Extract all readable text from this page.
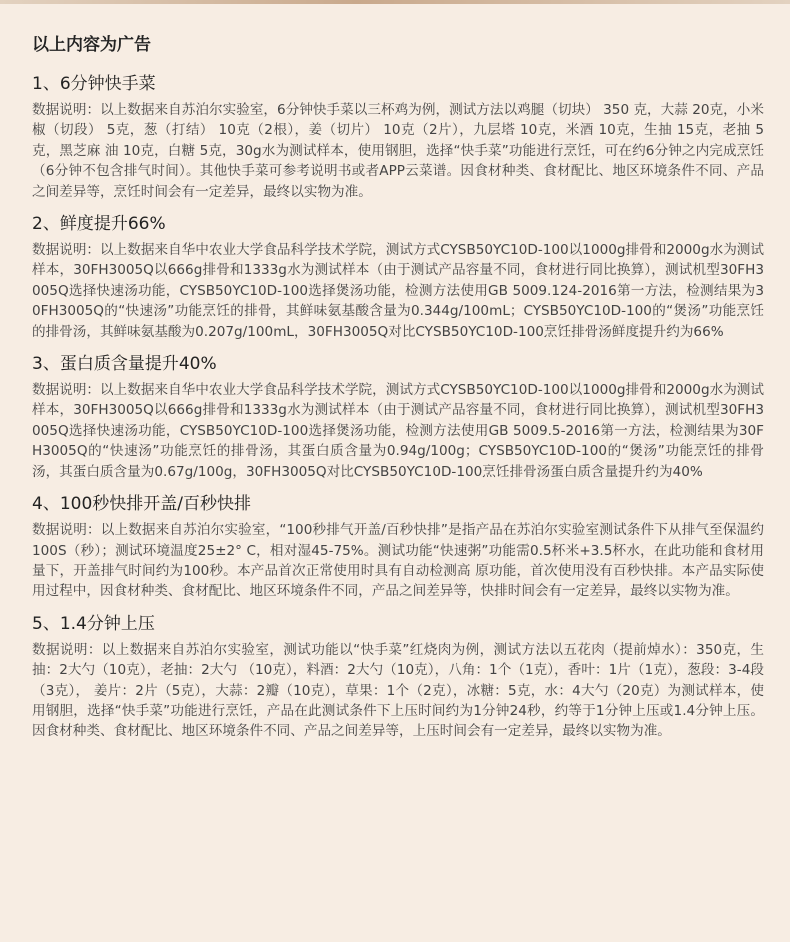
以上内容为广告
1、6分钟快手菜
数据说明：以上数据来自苏泊尔实验室，6分钟快手菜以三杯鸡为例，测试方法以鸡腿（切块） 350 克，大蒜 20克，小米椒（切段） 5克，葱（打结） 10克（2根），姜（切片） 10克（2片），九层塔 10克，米酒 10克，生抽 15克，老抽 5克，黑芝麻 油 10克，白糖 5克，30g水为测试样本，使用钢胆，选择“快手菜”功能进行烹饪，可在约6分钟之内完成烹饪（6分钟不包含排气时间）。其他快手菜可参考说明书或者APP云菜谱。因食材种类、食材配比、地区环境条件不同、产品之间差异等，烹饪时间会有一定差异，最终以实物为准。
2、鲜度提升66%
数据说明：以上数据来自华中农业大学食品科学技术学院，测试方式CYSB50YC10D-100以1000g排骨和2000g水为测试样本，30FH3005Q以666g排骨和1333g水为测试样本（由于测试产品容量不同，食材进行同比换算），测试机型30FH3005Q选择快速汤功能，CYSB50YC10D-100选择煲汤功能，检测方法使用GB 5009.124-2016第一方法，检测结果为30FH3005Q的“快速汤”功能烹饪的排骨，其鲜味氨基酸含量为0.344g/100mL；CYSB50YC10D-100的“煲汤”功能烹饪的排骨汤，其鲜味氨基酸为0.207g/100mL，30FH3005Q对比CYSB50YC10D-100烹饪排骨汤鲜度提升约为66%
3、蛋白质含量提升40%
数据说明：以上数据来自华中农业大学食品科学技术学院，测试方式CYSB50YC10D-100以1000g排骨和2000g水为测试样本，30FH3005Q以666g排骨和1333g水为测试样本（由于测试产品容量不同，食材进行同比换算），测试机型30FH3005Q选择快速汤功能，CYSB50YC10D-100选择煲汤功能，检测方法使用GB 5009.5-2016第一方法，检测结果为30FH3005Q的“快速汤”功能烹饪的排骨汤，其蛋白质含量为0.94g/100g；CYSB50YC10D-100的“煲汤”功能烹饪的排骨汤，其蛋白质含量为0.67g/100g，30FH3005Q对比CYSB50YC10D-100烹饪排骨汤蛋白质含量提升约为40%
4、100秒快排开盖/百秒快排
数据说明：以上数据来自苏泊尔实验室，“100秒排气开盖/百秒快排”是指产品在苏泊尔实验室测试条件下从排气至保温约100S（秒）；测试环境温度25±2° C，相对湿45-75%。测试功能“快速粥”功能需0.5杯米+3.5杯水，在此功能和食材用量下，开盖排气时间约为100秒。本产品首次正常使用时具有自动检测高 原功能，首次使用没有百秒快排。本产品实际使用过程中，因食材种类、食材配比、地区环境条件不同，产品之间差异等，快排时间会有一定差异，最终以实物为准。
5、1.4分钟上压
数据说明：以上数据来自苏泊尔实验室，测试功能以“快手菜”红烧肉为例，测试方法以五花肉（提前焯水）：350克，生抽：2大勺（10克），老抽：2大勺 （10克），料酒：2大勺（10克），八角：1个（1克），香叶：1片（1克），葱段：3-4段（3克）， 姜片：2片（5克），大蒜：2瓣（10克），草果：1个（2克），冰糖：5克，水：4大勺（20克）为测试样本，使用钢胆，选择“快手菜”功能进行烹饪，产品在此测试条件下上压时间约为1分钟24秒，约等于1分钟上压或1.4分钟上压。因食材种类、食材配比、地区环境条件不同、产品之间差异等，上压时间会有一定差异，最终以实物为准。
